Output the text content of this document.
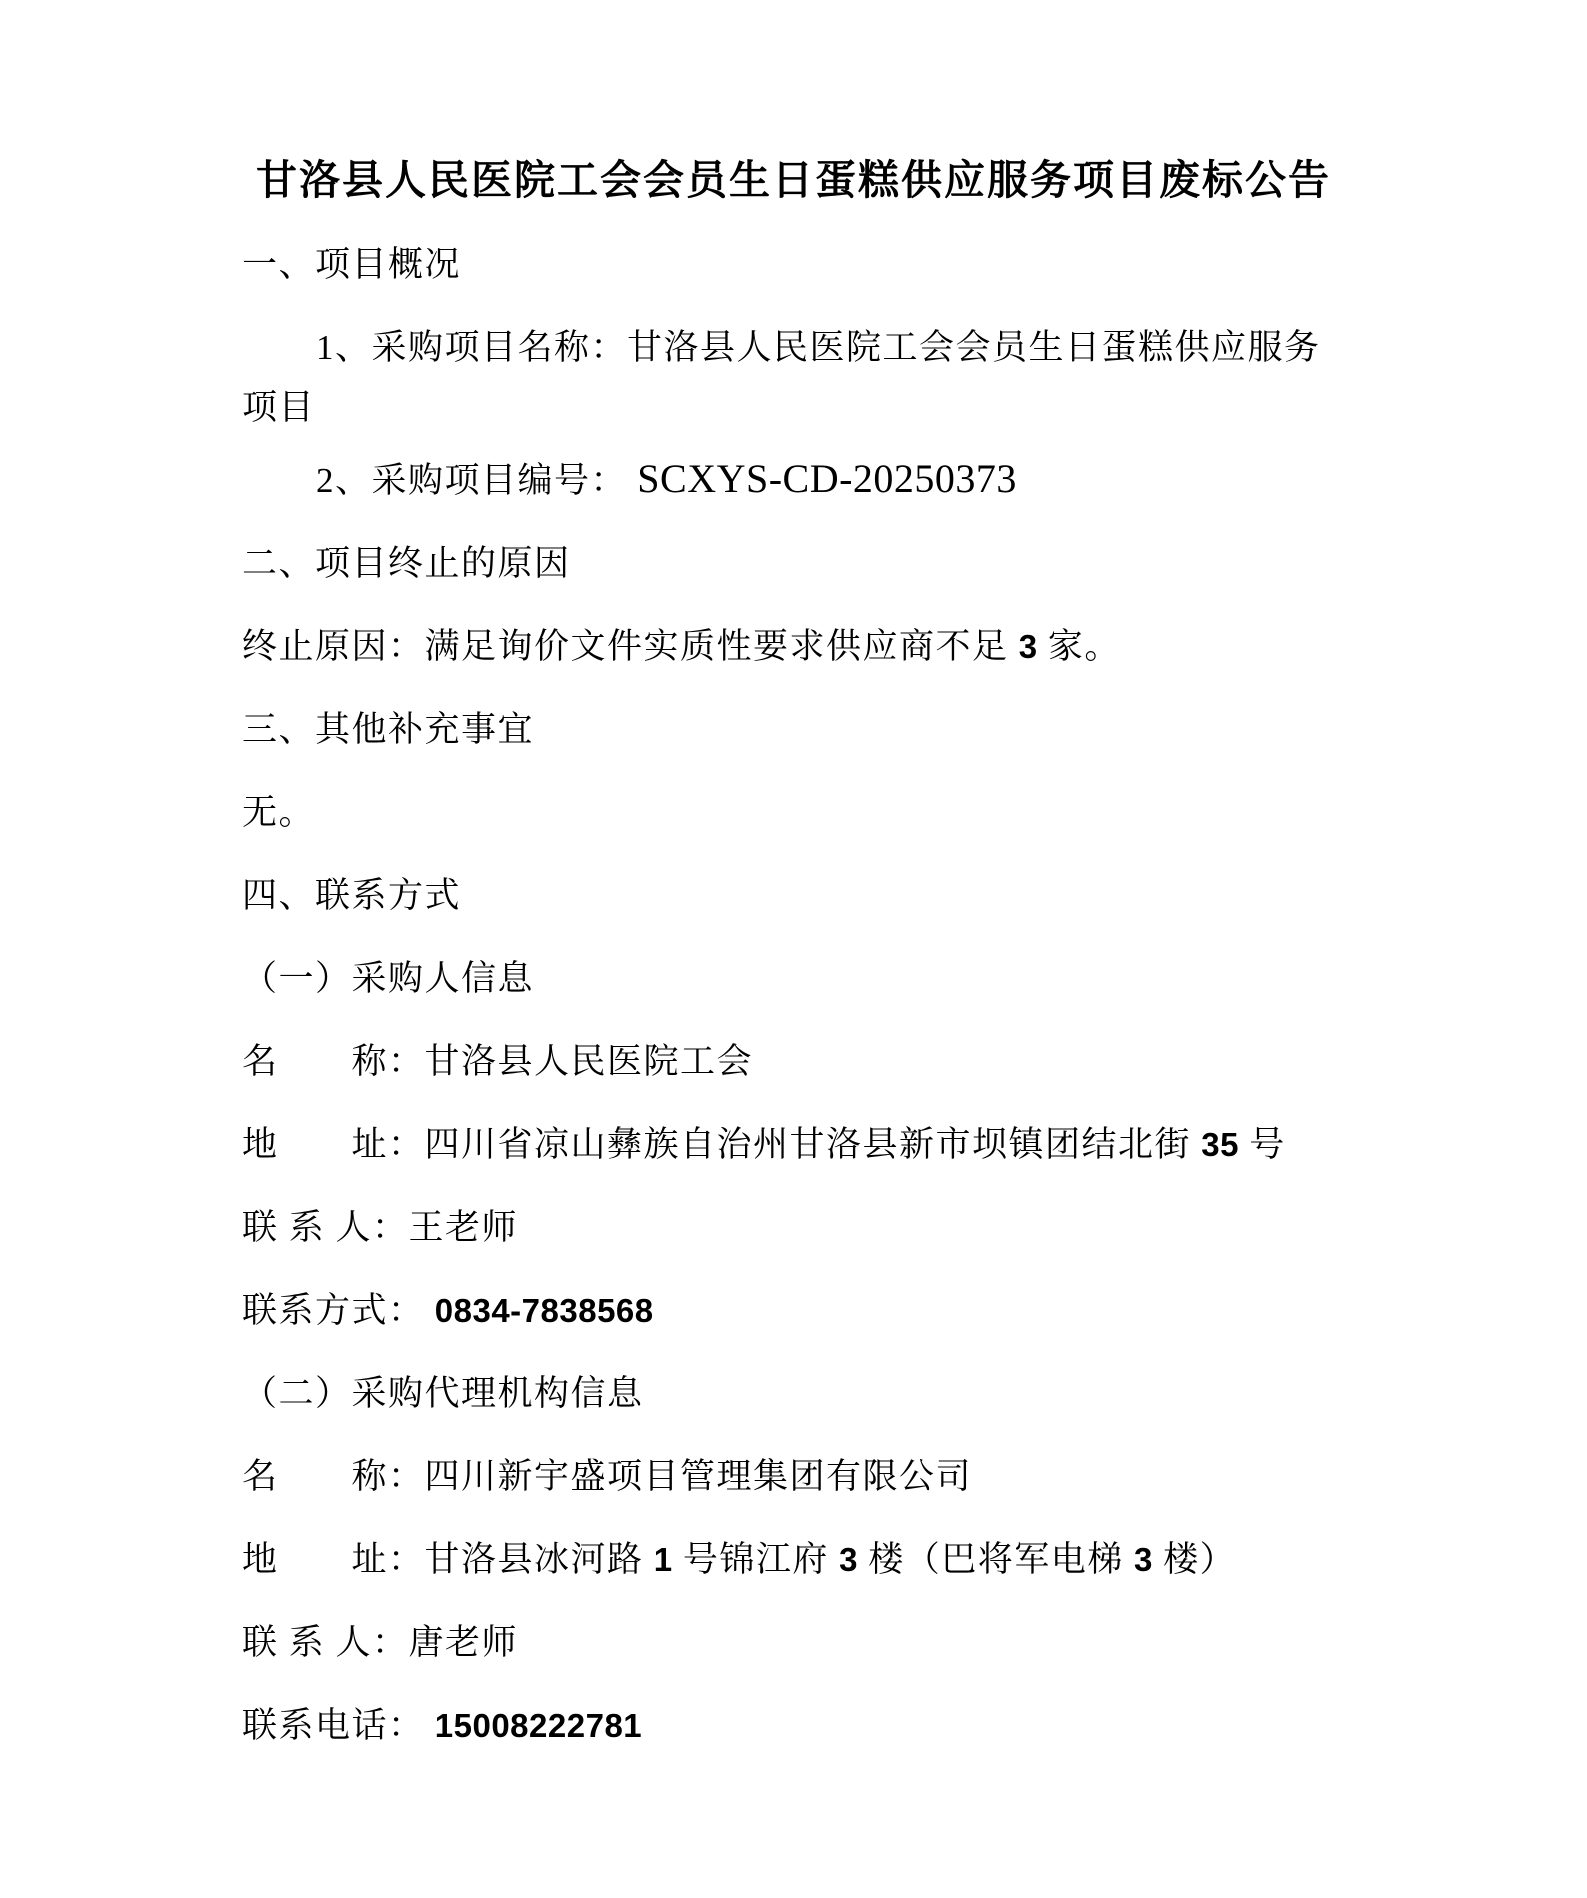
甘洛县人民医院工会会员生日蛋糕供应服务项目废标公告

一、项目概况

1、采购项目名称：甘洛县人民医院工会会员生日蛋糕供应服务

项目

2、采购项目编号： SCXYS-CD-20250373

二、项目终止的原因

终止原因：满足询价文件实质性要求供应商不足 3 家。

三、其他补充事宜

无。

四、联系方式

（一）采购人信息

名　　称：甘洛县人民医院工会

地　　址：四川省凉山彝族自治州甘洛县新市坝镇团结北街 35 号

联 系 人：王老师

联系方式： 0834-7838568

（二）采购代理机构信息

名　　称：四川新宇盛项目管理集团有限公司

地　　址：甘洛县冰河路 1 号锦江府 3 楼（巴将军电梯 3 楼）

联 系 人：唐老师

联系电话： 15008222781
